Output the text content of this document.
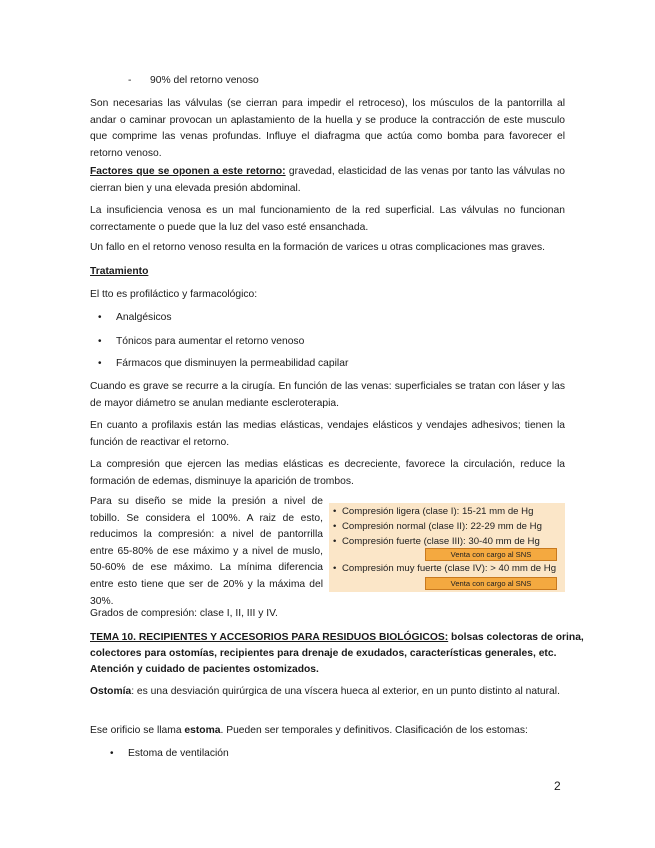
- 90% del retorno venoso

Son necesarias las válvulas (se cierran para impedir el retroceso), los músculos de la pantorrilla al andar o caminar provocan un aplastamiento de la huella y se produce la contracción de este musculo que comprime las venas profundas. Influye el diafragma que actúa como bomba para favorecer el retorno venoso.

Factores que se oponen a este retorno: gravedad, elasticidad de las venas por tanto las válvulas no cierran bien y una elevada presión abdominal.

La insuficiencia venosa es un mal funcionamiento de la red superficial. Las válvulas no funcionan correctamente o puede que la luz del vaso esté ensanchada.

Un fallo en el retorno venoso resulta en la formación de varices u otras complicaciones mas graves.

Tratamiento

El tto es profiláctico y farmacológico:

• Analgésicos
• Tónicos para aumentar el retorno venoso
• Fármacos que disminuyen la permeabilidad capilar

Cuando es grave se recurre a la cirugía. En función de las venas: superficiales se tratan con láser y las de mayor diámetro se anulan mediante escleroterapia.

En cuanto a profilaxis están las medias elásticas, vendajes elásticos y vendajes adhesivos; tienen la función de reactivar el retorno.

La compresión que ejercen las medias elásticas es decreciente, favorece la circulación, reduce la formación de edemas, disminuye la aparición de trombos.

Para su diseño se mide la presión a nivel de tobillo. Se considera el 100%. A raiz de esto, reducimos la compresión: a nivel de pantorrilla entre 65-80% de ese máximo y a nivel de muslo, 50-60% de ese máximo. La mínima diferencia entre esto tiene que ser de 20% y la máxima del 30%.

• Compresión ligera (clase I): 15-21 mm de Hg
• Compresión normal (clase II): 22-29 mm de Hg
• Compresión fuerte (clase III): 30-40 mm de Hg
Venta con cargo al SNS
• Compresión muy fuerte (clase IV): > 40 mm de Hg
Venta con cargo al SNS

Grados de compresión: clase I, II, III y IV.

TEMA 10. RECIPIENTES Y ACCESORIOS PARA RESIDUOS BIOLÓGICOS: bolsas colectoras de orina,

colectores para ostomías, recipientes para drenaje de exudados, características generales, etc.

Atención y cuidado de pacientes ostomizados.

Ostomía: es una desviación quirúrgica de una víscera hueca al exterior, en un punto distinto al natural.

Ese orificio se llama estoma. Pueden ser temporales y definitivos. Clasificación de los estomas:

• Estoma de ventilación
2
